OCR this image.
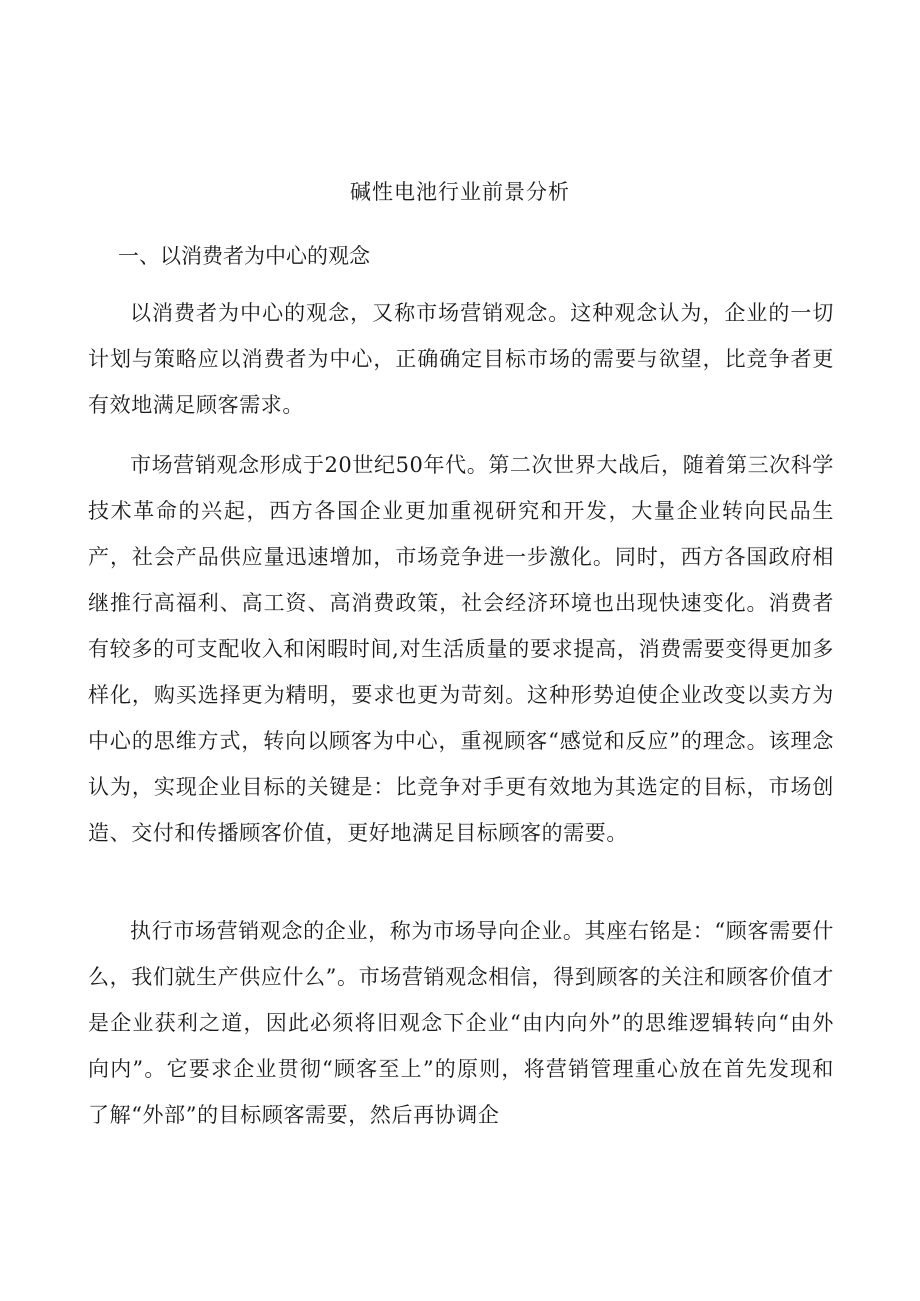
碱性电池行业前景分析
一、以消费者为中心的观念

以消费者为中心的观念，又称市场营销观念。这种观念认为，企业的一切计划与策略应以消费者为中心，正确确定目标市场的需要与欲望，比竞争者更有效地满足顾客需求。

市场营销观念形成于20世纪50年代。第二次世界大战后，随着第三次科学技术革命的兴起，西方各国企业更加重视研究和开发，大量企业转向民品生产，社会产品供应量迅速增加，市场竞争进一步激化。同时，西方各国政府相继推行高福利、高工资、高消费政策，社会经济环境也出现快速变化。消费者有较多的可支配收入和闲暇时间,对生活质量的要求提高，消费需要变得更加多样化，购买选择更为精明，要求也更为苛刻。这种形势迫使企业改变以卖方为中心的思维方式，转向以顾客为中心，重视顾客“感觉和反应”的理念。该理念认为，实现企业目标的关键是：比竞争对手更有效地为其选定的目标，市场创造、交付和传播顾客价值，更好地满足目标顾客的需要。

执行市场营销观念的企业，称为市场导向企业。其座右铭是：“顾客需要什么，我们就生产供应什么”。市场营销观念相信，得到顾客的关注和顾客价值才是企业获利之道，因此必须将旧观念下企业“由内向外”的思维逻辑转向“由外向内”。它要求企业贯彻“顾客至上”的原则，将营销管理重心放在首先发现和了解“外部”的目标顾客需要，然后再协调企
